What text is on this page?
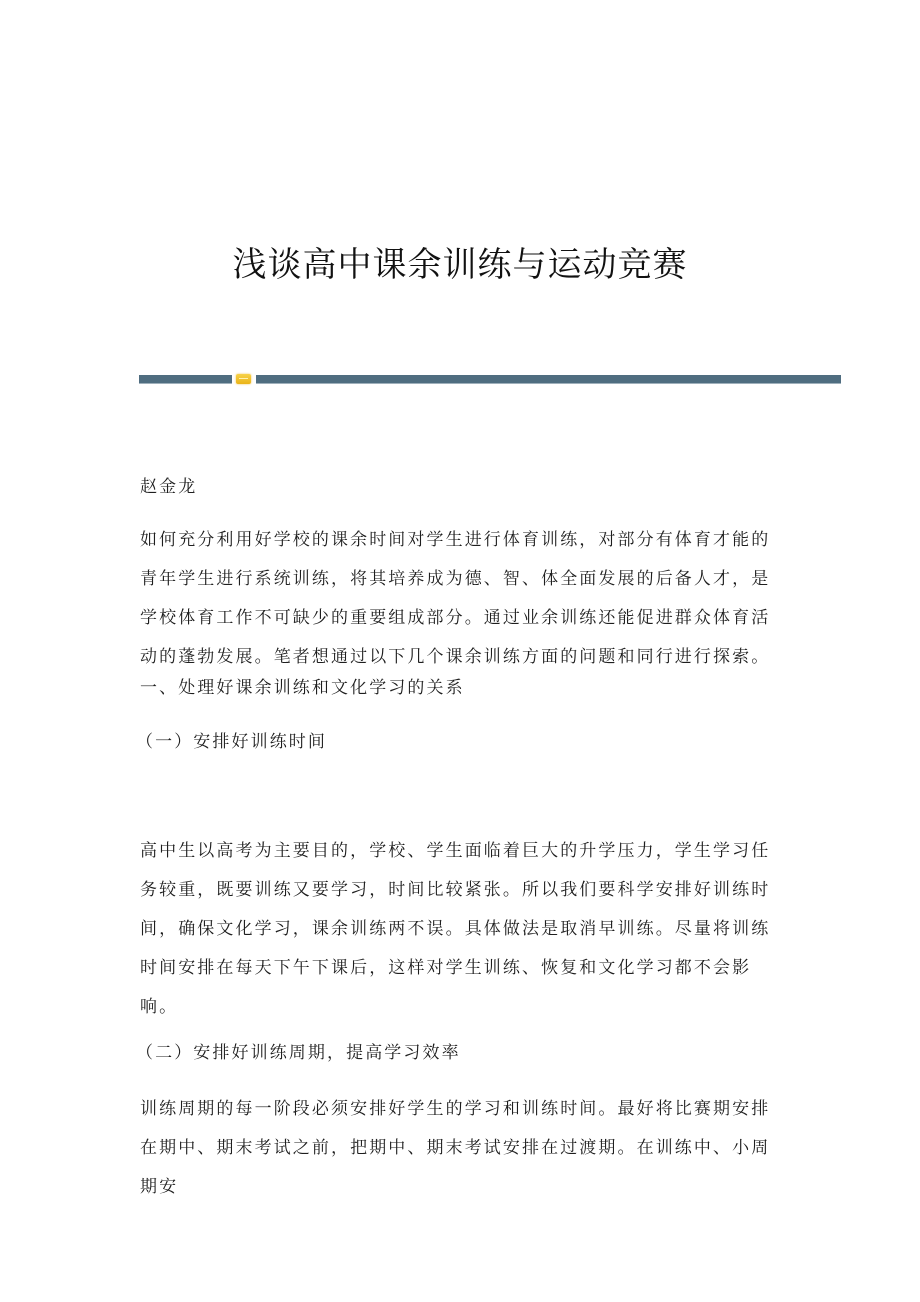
浅谈高中课余训练与运动竞赛

赵金龙

如何充分利用好学校的课余时间对学生进行体育训练，对部分有体育才能的青年学生进行系统训练，将其培养成为德、智、体全面发展的后备人才，是学校体育工作不可缺少的重要组成部分。通过业余训练还能促进群众体育活动的蓬勃发展。笔者想通过以下几个课余训练方面的问题和同行进行探索。

一、处理好课余训练和文化学习的关系

（一）安排好训练时间

高中生以高考为主要目的，学校、学生面临着巨大的升学压力，学生学习任务较重，既要训练又要学习，时间比较紧张。所以我们要科学安排好训练时间，确保文化学习，课余训练两不误。具体做法是取消早训练。尽量将训练时间安排在每天下午下课后，这样对学生训练、恢复和文化学习都不会影响。

（二）安排好训练周期，提高学习效率

训练周期的每一阶段必须安排好学生的学习和训练时间。最好将比赛期安排在期中、期末考试之前，把期中、期末考试安排在过渡期。在训练中、小周期安
